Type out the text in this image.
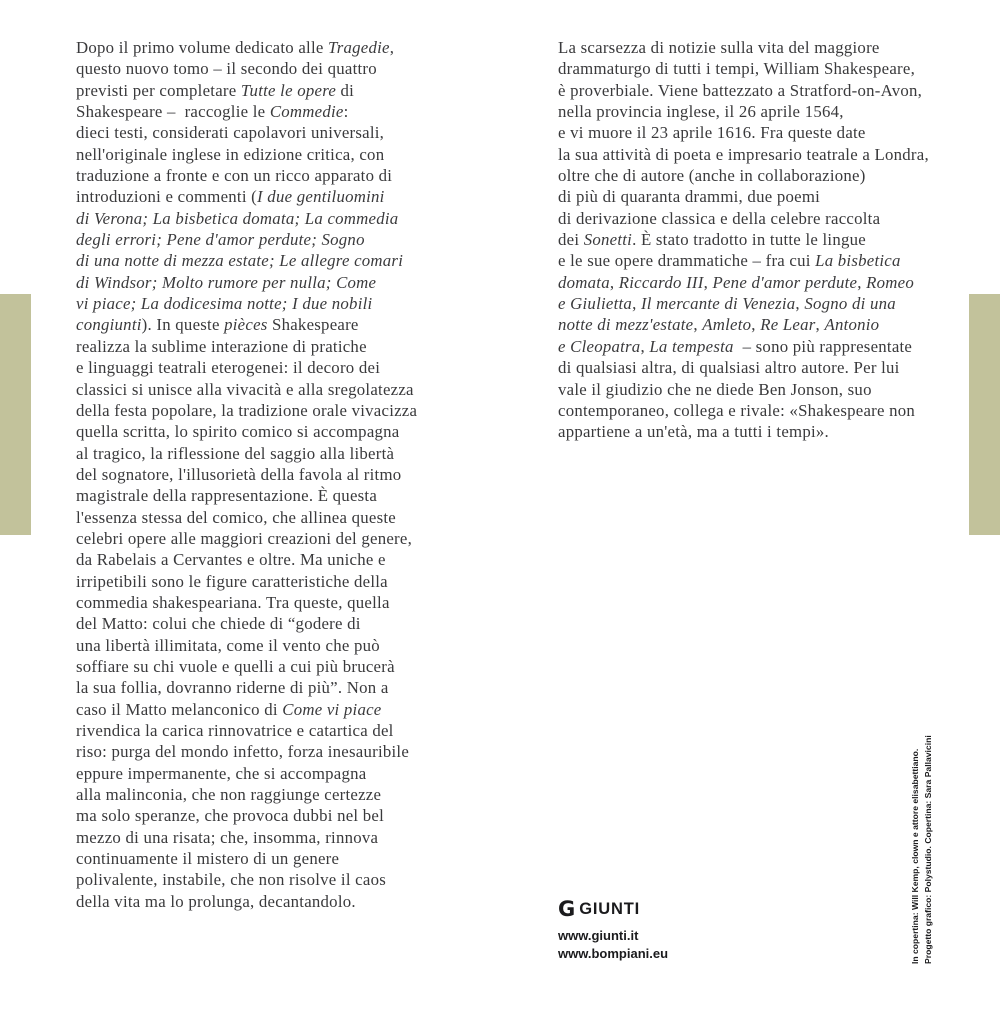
Dopo il primo volume dedicato alle Tragedie,
questo nuovo tomo – il secondo dei quattro
previsti per completare Tutte le opere di
Shakespeare –  raccoglie le Commedie:
dieci testi, considerati capolavori universali,
nell'originale inglese in edizione critica, con
traduzione a fronte e con un ricco apparato di
introduzioni e commenti (I due gentiluomini
di Verona; La bisbetica domata; La commedia
degli errori; Pene d'amor perdute; Sogno
di una notte di mezza estate; Le allegre comari
di Windsor; Molto rumore per nulla; Come
vi piace; La dodicesima notte; I due nobili
congiunti). In queste pièces Shakespeare
realizza la sublime interazione di pratiche
e linguaggi teatrali eterogenei: il decoro dei
classici si unisce alla vivacità e alla sregolatezza
della festa popolare, la tradizione orale vivacizza
quella scritta, lo spirito comico si accompagna
al tragico, la riflessione del saggio alla libertà
del sognatore, l'illusorietà della favola al ritmo
magistrale della rappresentazione. È questa
l'essenza stessa del comico, che allinea queste
celebri opere alle maggiori creazioni del genere,
da Rabelais a Cervantes e oltre. Ma uniche e
irripetibili sono le figure caratteristiche della
commedia shakespeariana. Tra queste, quella
del Matto: colui che chiede di “godere di
una libertà illimitata, come il vento che può
soffiare su chi vuole e quelli a cui più brucerà
la sua follia, dovranno riderne di più”. Non a
caso il Matto melanconico di Come vi piace
rivendica la carica rinnovatrice e catartica del
riso: purga del mondo infetto, forza inesauribile
eppure impermanente, che si accompagna
alla malinconia, che non raggiunge certezze
ma solo speranze, che provoca dubbi nel bel
mezzo di una risata; che, insomma, rinnova
continuamente il mistero di un genere
polivalente, instabile, che non risolve il caos
della vita ma lo prolunga, decantandolo.
La scarsezza di notizie sulla vita del maggiore
drammaturgo di tutti i tempi, William Shakespeare,
è proverbiale. Viene battezzato a Stratford-on-Avon,
nella provincia inglese, il 26 aprile 1564,
e vi muore il 23 aprile 1616. Fra queste date
la sua attività di poeta e impresario teatrale a Londra,
oltre che di autore (anche in collaborazione)
di più di quaranta drammi, due poemi
di derivazione classica e della celebre raccolta
dei Sonetti. È stato tradotto in tutte le lingue
e le sue opere drammatiche – fra cui La bisbetica
domata, Riccardo III, Pene d'amor perdute, Romeo
e Giulietta, Il mercante di Venezia, Sogno di una
notte di mezz'estate, Amleto, Re Lear, Antonio
e Cleopatra, La tempesta  – sono più rappresentate
di qualsiasi altra, di qualsiasi altro autore. Per lui
vale il giudizio che ne diede Ben Jonson, suo
contemporaneo, collega e rivale: «Shakespeare non
appartiene a un'età, ma a tutti i tempi».
G GIUNTI
www.giunti.it
www.bompiani.eu	In copertina: Will Kemp, clown e attore elisabettiano. Progetto grafico: Polystudio. Copertina: Sara Pallavicini
